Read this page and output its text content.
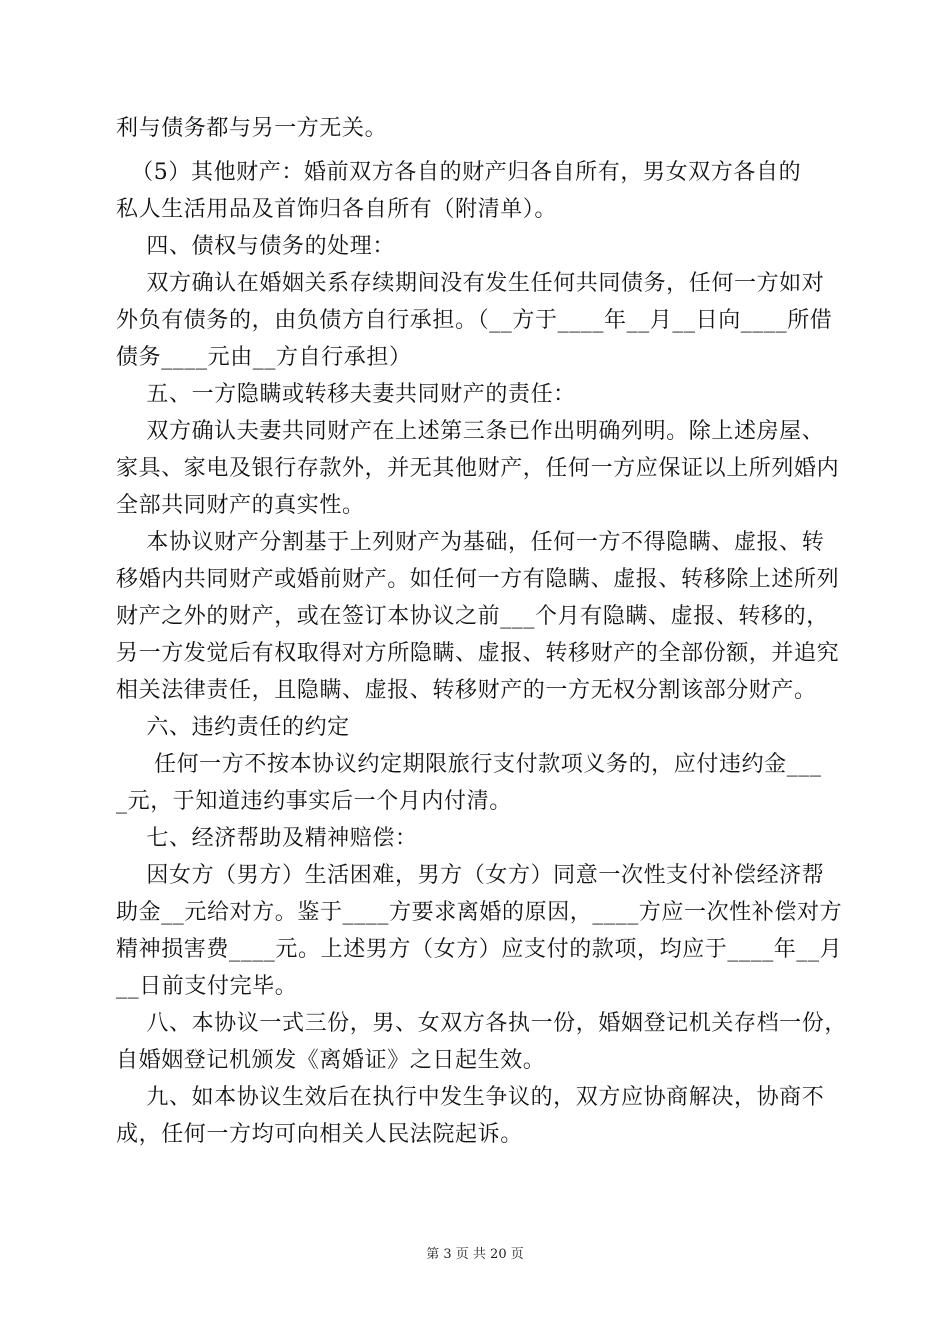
利与债务都与另一方无关。
（5）其他财产：婚前双方各自的财产归各自所有，男女双方各自的
私人生活用品及首饰归各自所有（附清单）。
四、债权与债务的处理：
双方确认在婚姻关系存续期间没有发生任何共同债务，任何一方如对
外负有债务的，由负债方自行承担。（__方于____年__月__日向____所借
债务____元由__方自行承担）
五、一方隐瞒或转移夫妻共同财产的责任：
双方确认夫妻共同财产在上述第三条已作出明确列明。除上述房屋、
家具、家电及银行存款外，并无其他财产，任何一方应保证以上所列婚内
全部共同财产的真实性。
本协议财产分割基于上列财产为基础，任何一方不得隐瞒、虚报、转
移婚内共同财产或婚前财产。如任何一方有隐瞒、虚报、转移除上述所列
财产之外的财产，或在签订本协议之前___个月有隐瞒、虚报、转移的，
另一方发觉后有权取得对方所隐瞒、虚报、转移财产的全部份额，并追究
相关法律责任，且隐瞒、虚报、转移财产的一方无权分割该部分财产。
六、违约责任的约定
任何一方不按本协议约定期限旅行支付款项义务的，应付违约金___
_元，于知道违约事实后一个月内付清。
七、经济帮助及精神赔偿：
因女方（男方）生活困难，男方（女方）同意一次性支付补偿经济帮
助金__元给对方。鉴于____方要求离婚的原因，____方应一次性补偿对方
精神损害费____元。上述男方（女方）应支付的款项，均应于____年__月
__日前支付完毕。
八、本协议一式三份，男、女双方各执一份，婚姻登记机关存档一份，
自婚姻登记机颁发《离婚证》之日起生效。
九、如本协议生效后在执行中发生争议的，双方应协商解决，协商不
成，任何一方均可向相关人民法院起诉。
第 3 页 共 20 页
